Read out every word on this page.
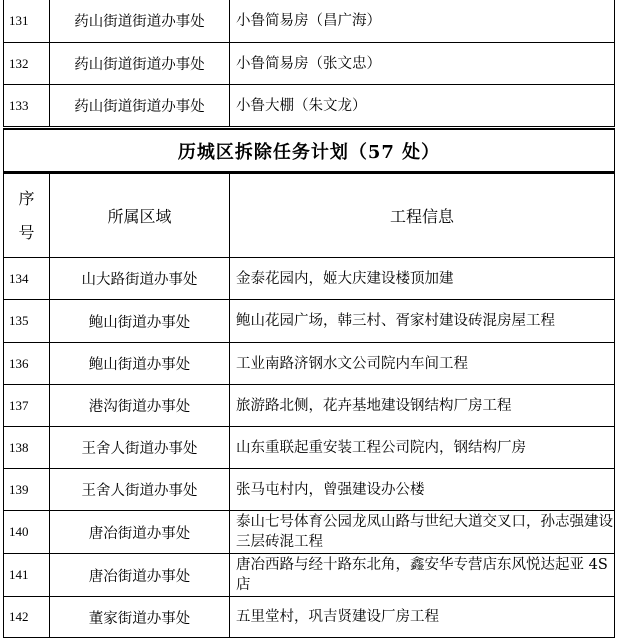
131	药山街道街道办事处	小鲁简易房（昌广海）
132	药山街道街道办事处	小鲁简易房（张文忠）
133	药山街道街道办事处	小鲁大棚（朱文龙）
历城区拆除任务计划（57 处）
序
号	所属区域	工程信息
134	山大路街道办事处	金泰花园内，姬大庆建设楼顶加建
135	鲍山街道办事处	鲍山花园广场，韩三村、胥家村建设砖混房屋工程
136	鲍山街道办事处	工业南路济钢水文公司院内车间工程
137	港沟街道办事处	旅游路北侧，花卉基地建设钢结构厂房工程
138	王舍人街道办事处	山东重联起重安装工程公司院内，钢结构厂房
139	王舍人街道办事处	张马屯村内，曾强建设办公楼
140	唐冶街道办事处	泰山七号体育公园龙凤山路与世纪大道交叉口，孙志强建设三层砖混工程
141	唐冶街道办事处	唐冶西路与经十路东北角，鑫安华专营店东风悦达起亚 4S 店
142	董家街道办事处	五里堂村，巩吉贤建设厂房工程
